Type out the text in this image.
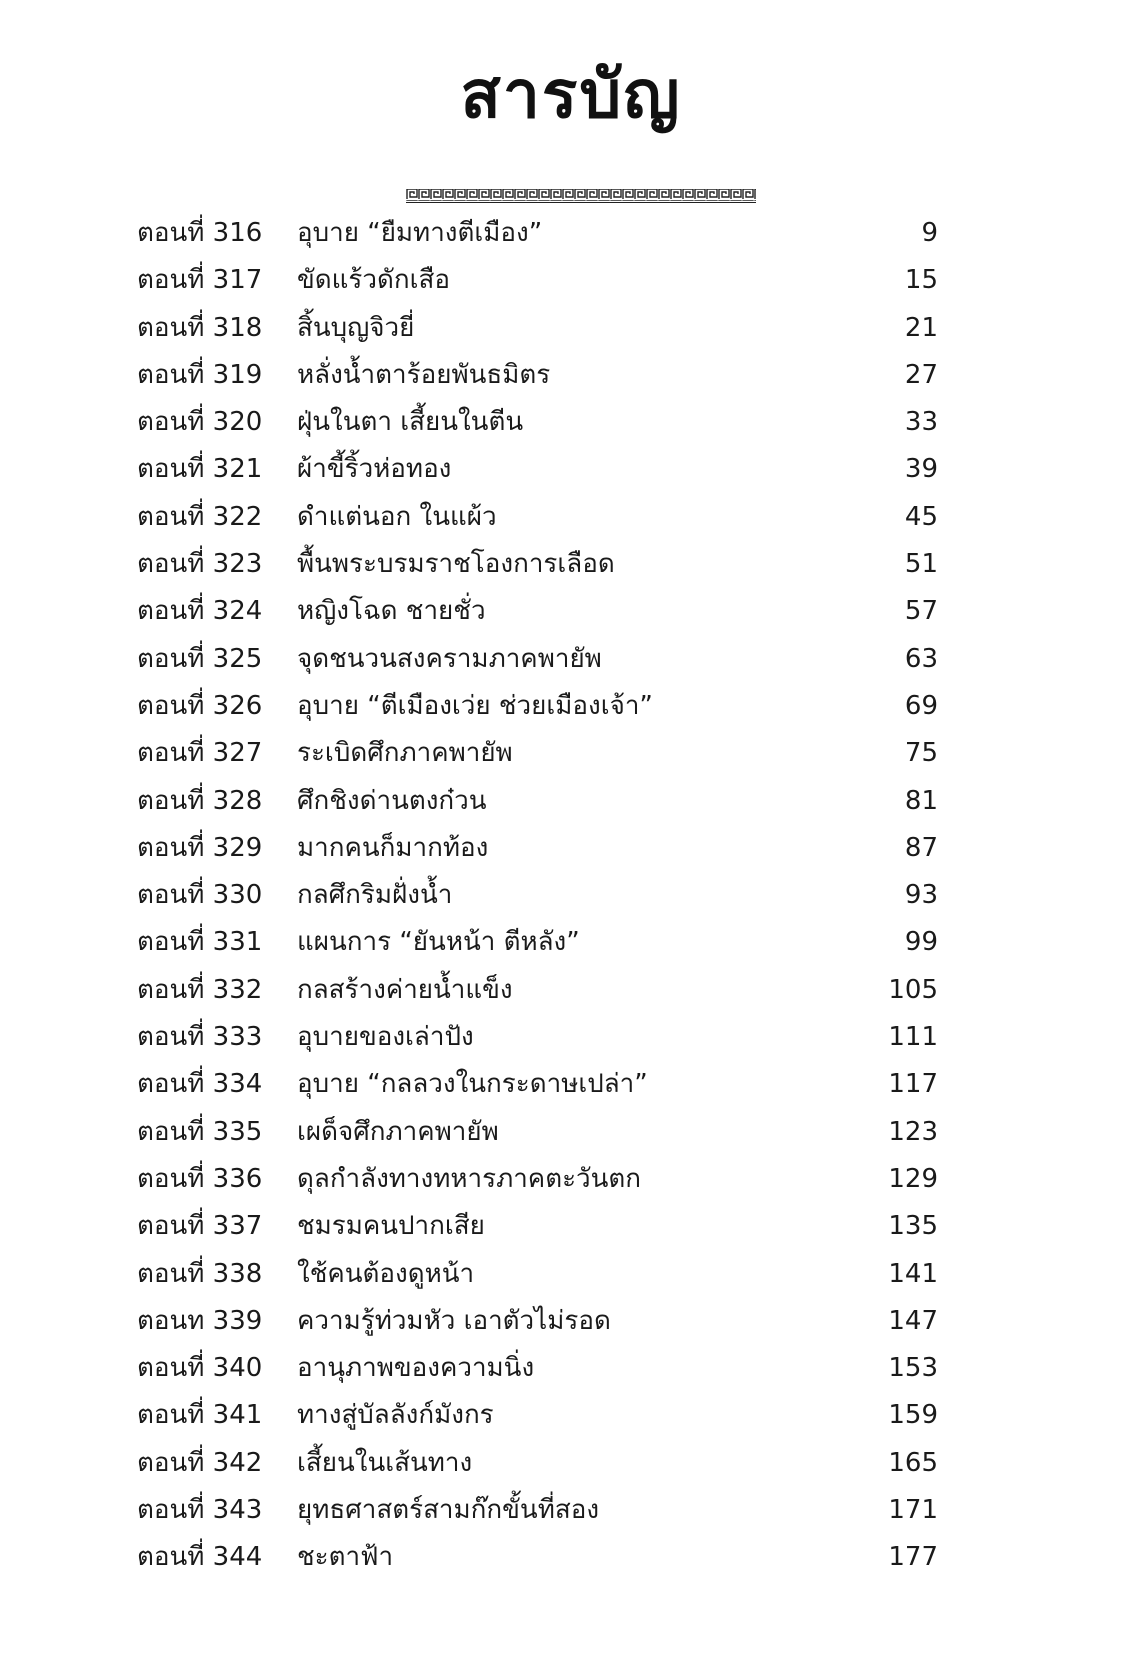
สารบัญ
ตอนที่ 316	อุบาย “ยืมทางตีเมือง”	9
ตอนที่ 317	ขัดแร้วดักเสือ	15
ตอนที่ 318	สิ้นบุญจิวยี่	21
ตอนที่ 319	หลั่งน้ำตาร้อยพันธมิตร	27
ตอนที่ 320	ฝุ่นในตา เสี้ยนในตีน	33
ตอนที่ 321	ผ้าขี้ริ้วห่อทอง	39
ตอนที่ 322	ดำแต่นอก ในแผ้ว	45
ตอนที่ 323	พื้นพระบรมราชโองการเลือด	51
ตอนที่ 324	หญิงโฉด ชายชั่ว	57
ตอนที่ 325	จุดชนวนสงครามภาคพายัพ	63
ตอนที่ 326	อุบาย “ตีเมืองเว่ย ช่วยเมืองเจ้า”	69
ตอนที่ 327	ระเบิดศึกภาคพายัพ	75
ตอนที่ 328	ศึกชิงด่านตงก๋วน	81
ตอนที่ 329	มากคนก็มากท้อง	87
ตอนที่ 330	กลศึกริมฝั่งน้ำ	93
ตอนที่ 331	แผนการ “ยันหน้า ตีหลัง”	99
ตอนที่ 332	กลสร้างค่ายน้ำแข็ง	105
ตอนที่ 333	อุบายของเล่าปัง	111
ตอนที่ 334	อุบาย “กลลวงในกระดาษเปล่า”	117
ตอนที่ 335	เผด็จศึกภาคพายัพ	123
ตอนที่ 336	ดุลกำลังทางทหารภาคตะวันตก	129
ตอนที่ 337	ชมรมคนปากเสีย	135
ตอนที่ 338	ใช้คนต้องดูหน้า	141
ตอนท 339	ความรู้ท่วมหัว เอาตัวไม่รอด	147
ตอนที่ 340	อานุภาพของความนิ่ง	153
ตอนที่ 341	ทางสู่บัลลังก์มังกร	159
ตอนที่ 342	เสี้ยนในเส้นทาง	165
ตอนที่ 343	ยุทธศาสตร์สามก๊กขั้นที่สอง	171
ตอนที่ 344	ชะตาฟ้า	177
